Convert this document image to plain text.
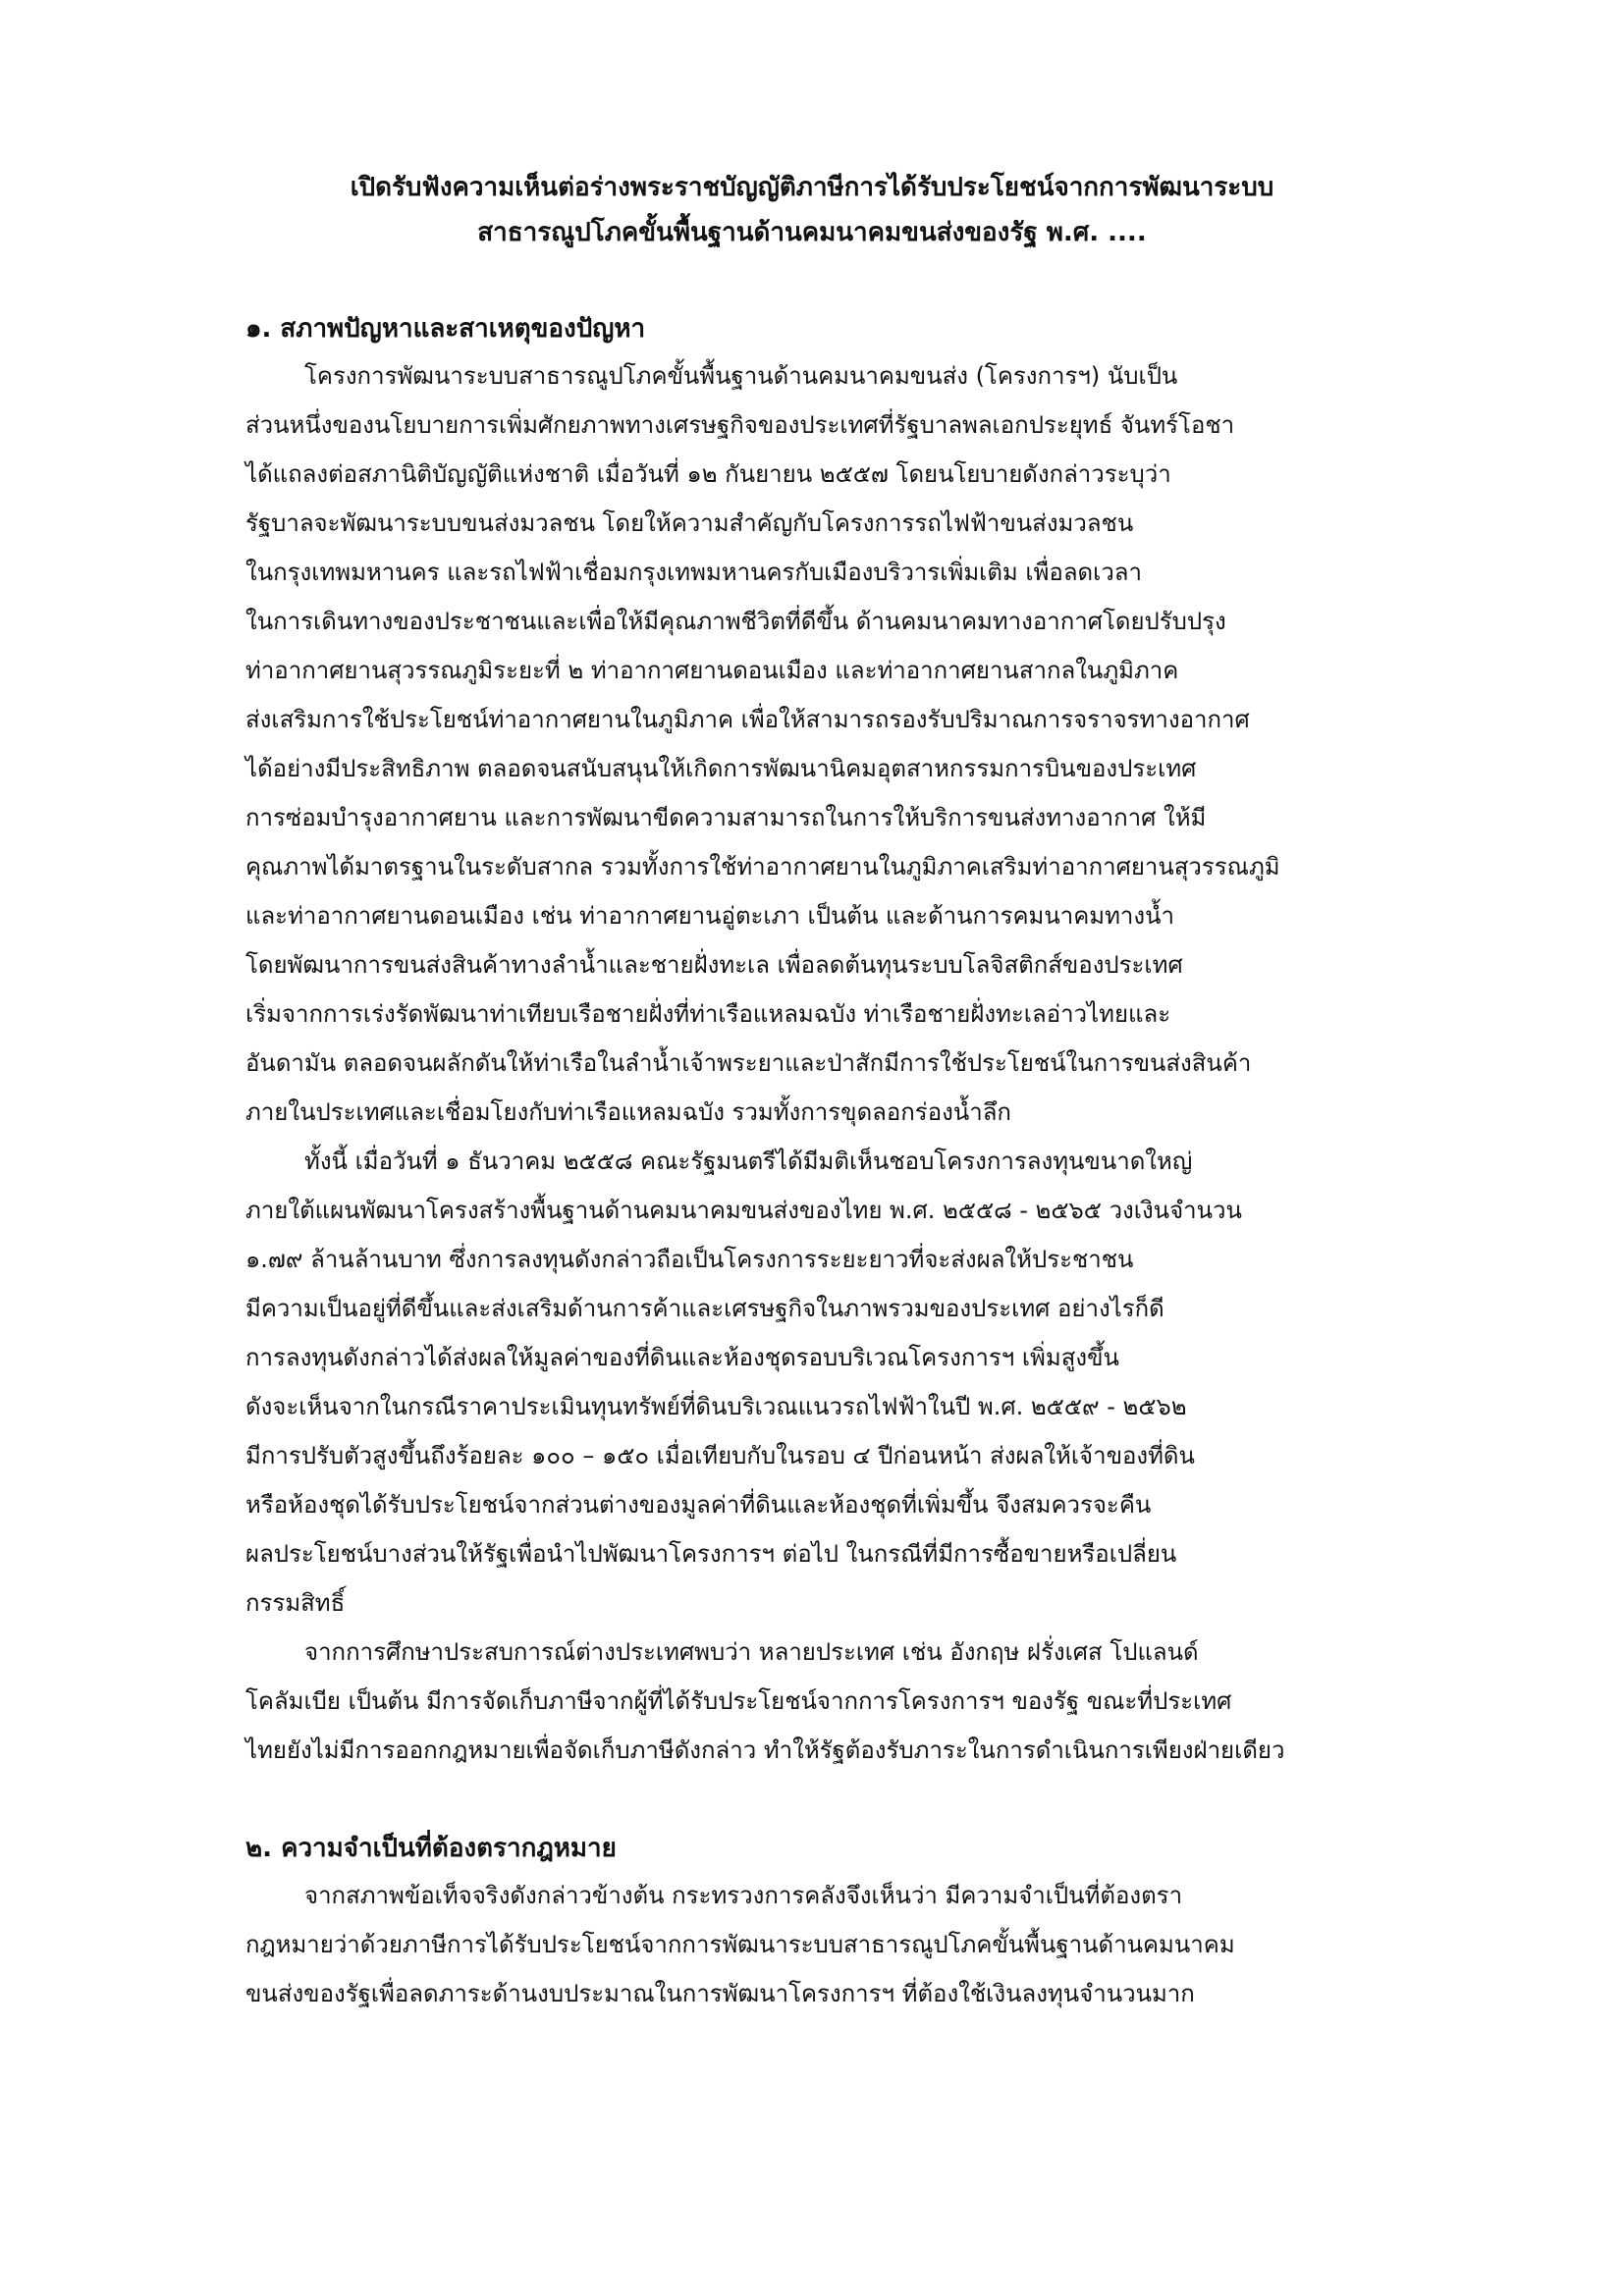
เปิดรับฟังความเห็นต่อร่างพระราชบัญญัติภาษีการได้รับประโยชน์จากการพัฒนาระบบ
สาธารณูปโภคขั้นพื้นฐานด้านคมนาคมขนส่งของรัฐ พ.ศ. ....
๑. สภาพปัญหาและสาเหตุของปัญหา

โครงการพัฒนาระบบสาธารณูปโภคขั้นพื้นฐานด้านคมนาคมขนส่ง (โครงการฯ) นับเป็น
ส่วนหนึ่งของนโยบายการเพิ่มศักยภาพทางเศรษฐกิจของประเทศที่รัฐบาลพลเอกประยุทธ์ จันทร์โอชา
ได้แถลงต่อสภานิติบัญญัติแห่งชาติ เมื่อวันที่ ๑๒ กันยายน ๒๕๕๗ โดยนโยบายดังกล่าวระบุว่า
รัฐบาลจะพัฒนาระบบขนส่งมวลชน โดยให้ความสำคัญกับโครงการรถไฟฟ้าขนส่งมวลชน
ในกรุงเทพมหานคร และรถไฟฟ้าเชื่อมกรุงเทพมหานครกับเมืองบริวารเพิ่มเติม เพื่อลดเวลา
ในการเดินทางของประชาชนและเพื่อให้มีคุณภาพชีวิตที่ดีขึ้น ด้านคมนาคมทางอากาศโดยปรับปรุง
ท่าอากาศยานสุวรรณภูมิระยะที่ ๒ ท่าอากาศยานดอนเมือง และท่าอากาศยานสากลในภูมิภาค
ส่งเสริมการใช้ประโยชน์ท่าอากาศยานในภูมิภาค เพื่อให้สามารถรองรับปริมาณการจราจรทางอากาศ
ได้อย่างมีประสิทธิภาพ ตลอดจนสนับสนุนให้เกิดการพัฒนานิคมอุตสาหกรรมการบินของประเทศ
การซ่อมบำรุงอากาศยาน และการพัฒนาขีดความสามารถในการให้บริการขนส่งทางอากาศ ให้มี
คุณภาพได้มาตรฐานในระดับสากล รวมทั้งการใช้ท่าอากาศยานในภูมิภาคเสริมท่าอากาศยานสุวรรณภูมิ
และท่าอากาศยานดอนเมือง เช่น ท่าอากาศยานอู่ตะเภา เป็นต้น และด้านการคมนาคมทางน้ำ
โดยพัฒนาการขนส่งสินค้าทางลำน้ำและชายฝั่งทะเล เพื่อลดต้นทุนระบบโลจิสติกส์ของประเทศ
เริ่มจากการเร่งรัดพัฒนาท่าเทียบเรือชายฝั่งที่ท่าเรือแหลมฉบัง ท่าเรือชายฝั่งทะเลอ่าวไทยและ
อันดามัน ตลอดจนผลักดันให้ท่าเรือในลำน้ำเจ้าพระยาและป่าสักมีการใช้ประโยชน์ในการขนส่งสินค้า
ภายในประเทศและเชื่อมโยงกับท่าเรือแหลมฉบัง รวมทั้งการขุดลอกร่องน้ำลึก

ทั้งนี้ เมื่อวันที่ ๑ ธันวาคม ๒๕๕๘ คณะรัฐมนตรีได้มีมติเห็นชอบโครงการลงทุนขนาดใหญ่
ภายใต้แผนพัฒนาโครงสร้างพื้นฐานด้านคมนาคมขนส่งของไทย พ.ศ. ๒๕๕๘ - ๒๕๖๕ วงเงินจำนวน
๑.๗๙ ล้านล้านบาท ซึ่งการลงทุนดังกล่าวถือเป็นโครงการระยะยาวที่จะส่งผลให้ประชาชน
มีความเป็นอยู่ที่ดีขึ้นและส่งเสริมด้านการค้าและเศรษฐกิจในภาพรวมของประเทศ อย่างไรก็ดี
การลงทุนดังกล่าวได้ส่งผลให้มูลค่าของที่ดินและห้องชุดรอบบริเวณโครงการฯ เพิ่มสูงขึ้น
ดังจะเห็นจากในกรณีราคาประเมินทุนทรัพย์ที่ดินบริเวณแนวรถไฟฟ้าในปี พ.ศ. ๒๕๕๙ - ๒๕๖๒
มีการปรับตัวสูงขึ้นถึงร้อยละ ๑๐๐ – ๑๕๐ เมื่อเทียบกับในรอบ ๔ ปีก่อนหน้า ส่งผลให้เจ้าของที่ดิน
หรือห้องชุดได้รับประโยชน์จากส่วนต่างของมูลค่าที่ดินและห้องชุดที่เพิ่มขึ้น จึงสมควรจะคืน
ผลประโยชน์บางส่วนให้รัฐเพื่อนำไปพัฒนาโครงการฯ ต่อไป ในกรณีที่มีการซื้อขายหรือเปลี่ยน
กรรมสิทธิ์

จากการศึกษาประสบการณ์ต่างประเทศพบว่า หลายประเทศ เช่น อังกฤษ ฝรั่งเศส โปแลนด์
โคลัมเบีย เป็นต้น มีการจัดเก็บภาษีจากผู้ที่ได้รับประโยชน์จากการโครงการฯ ของรัฐ ขณะที่ประเทศ
ไทยยังไม่มีการออกกฎหมายเพื่อจัดเก็บภาษีดังกล่าว ทำให้รัฐต้องรับภาระในการดำเนินการเพียงฝ่ายเดียว

๒. ความจำเป็นที่ต้องตรากฎหมาย

จากสภาพข้อเท็จจริงดังกล่าวข้างต้น กระทรวงการคลังจึงเห็นว่า มีความจำเป็นที่ต้องตรา
กฎหมายว่าด้วยภาษีการได้รับประโยชน์จากการพัฒนาระบบสาธารณูปโภคขั้นพื้นฐานด้านคมนาคม
ขนส่งของรัฐเพื่อลดภาระด้านงบประมาณในการพัฒนาโครงการฯ ที่ต้องใช้เงินลงทุนจำนวนมาก
